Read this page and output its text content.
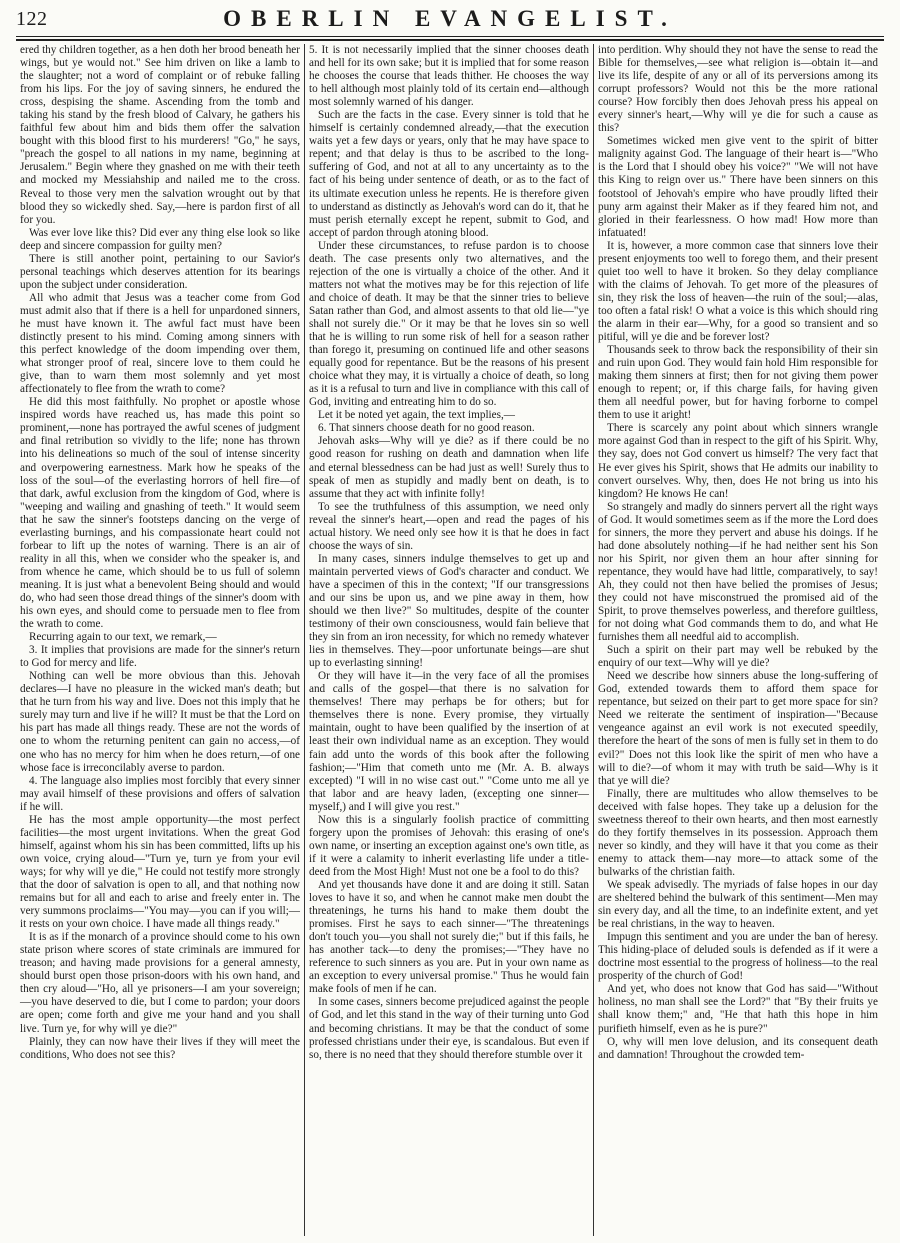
122	OBERLIN EVANGELIST.

ered thy children together, as a hen doth her brood beneath her wings, but ye would not." See him driven on like a lamb to the slaughter; not a word of complaint or of rebuke falling from his lips. For the joy of saving sinners, he endured the cross, despising the shame. Ascending from the tomb and taking his stand by the fresh blood of Calvary, he gathers his faithful few about him and bids them offer the salvation bought with this blood first to his murderers! "Go," he says, "preach the gospel to all nations in my name, beginning at Jerusalem." Begin where they gnashed on me with their teeth and mocked my Messiahship and nailed me to the cross. Reveal to those very men the salvation wrought out by that blood they so wickedly shed. Say,—here is pardon first of all for you.

Was ever love like this? Did ever any thing else look so like deep and sincere compassion for guilty men?

There is still another point, pertaining to our Savior's personal teachings which deserves attention for its bearings upon the subject under consideration.

All who admit that Jesus was a teacher come from God must admit also that if there is a hell for unpardoned sinners, he must have known it. The awful fact must have been distinctly present to his mind. Coming among sinners with this perfect knowledge of the doom impending over them, what stronger proof of real, sincere love to them could he give, than to warn them most solemnly and yet most affectionately to flee from the wrath to come?

He did this most faithfully. No prophet or apostle whose inspired words have reached us, has made this point so prominent,—none has portrayed the awful scenes of judgment and final retribution so vividly to the life; none has thrown into his delineations so much of the soul of intense sincerity and overpowering earnestness. Mark how he speaks of the loss of the soul—of the everlasting horrors of hell fire—of that dark, awful exclusion from the kingdom of God, where is "weeping and wailing and gnashing of teeth." It would seem that he saw the sinner's footsteps dancing on the verge of everlasting burnings, and his compassionate heart could not forbear to lift up the notes of warning. There is an air of reality in all this, when we consider who the speaker is, and from whence he came, which should be to us full of solemn meaning. It is just what a benevolent Being should and would do, who had seen those dread things of the sinner's doom with his own eyes, and should come to persuade men to flee from the wrath to come.

Recurring again to our text, we remark,—

3. It implies that provisions are made for the sinner's return to God for mercy and life.

Nothing can well be more obvious than this. Jehovah declares—I have no pleasure in the wicked man's death; but that he turn from his way and live. Does not this imply that he surely may turn and live if he will? It must be that the Lord on his part has made all things ready. These are not the words of one to whom the returning penitent can gain no access,—of one who has no mercy for him when he does return,—of one whose face is irreconcilably averse to pardon.

4. The language also implies most forcibly that every sinner may avail himself of these provisions and offers of salvation if he will.

He has the most ample opportunity—the most perfect facilities—the most urgent invitations. When the great God himself, against whom his sin has been committed, lifts up his own voice, crying aloud—"Turn ye, turn ye from your evil ways; for why will ye die," He could not testify more strongly that the door of salvation is open to all, and that nothing now remains but for all and each to arise and freely enter in. The very summons proclaims—"You may—you can if you will;—it rests on your own choice. I have made all things ready."

It is as if the monarch of a province should come to his own state prison where scores of state criminals are immured for treason; and having made provisions for a general amnesty, should burst open those prison-doors with his own hand, and then cry aloud—"Ho, all ye prisoners—I am your sovereign;—you have deserved to die, but I come to pardon; your doors are open; come forth and give me your hand and you shall live. Turn ye, for why will ye die?"

Plainly, they can now have their lives if they will meet the conditions, Who does not see this?

5. It is not necessarily implied that the sinner chooses death and hell for its own sake; but it is implied that for some reason he chooses the course that leads thither. He chooses the way to hell although most plainly told of its certain end—although most solemnly warned of his danger.

Such are the facts in the case. Every sinner is told that he himself is certainly condemned already,—that the execution waits yet a few days or years, only that he may have space to repent; and that delay is thus to be ascribed to the long-suffering of God, and not at all to any uncertainty as to the fact of his being under sentence of death, or as to the fact of its ultimate execution unless he repents. He is therefore given to understand as distinctly as Jehovah's word can do it, that he must perish eternally except he repent, submit to God, and accept of pardon through atoning blood.

Under these circumstances, to refuse pardon is to choose death. The case presents only two alternatives, and the rejection of the one is virtually a choice of the other. And it matters not what the motives may be for this rejection of life and choice of death. It may be that the sinner tries to believe Satan rather than God, and almost assents to that old lie—"ye shall not surely die." Or it may be that he loves sin so well that he is willing to run some risk of hell for a season rather than forego it, presuming on continued life and other seasons equally good for repentance. But be the reasons of his present choice what they may, it is virtually a choice of death, so long as it is a refusal to turn and live in compliance with this call of God, inviting and entreating him to do so.

Let it be noted yet again, the text implies,—

6. That sinners choose death for no good reason.

Jehovah asks—Why will ye die? as if there could be no good reason for rushing on death and damnation when life and eternal blessedness can be had just as well! Surely thus to speak of men as stupidly and madly bent on death, is to assume that they act with infinite folly!

To see the truthfulness of this assumption, we need only reveal the sinner's heart,—open and read the pages of his actual history. We need only see how it is that he does in fact choose the ways of sin.

In many cases, sinners indulge themselves to get up and maintain perverted views of God's character and conduct. We have a specimen of this in the context; "If our transgressions and our sins be upon us, and we pine away in them, how should we then live?" So multitudes, despite of the counter testimony of their own consciousness, would fain believe that they sin from an iron necessity, for which no remedy whatever lies in themselves. They—poor unfortunate beings—are shut up to everlasting sinning!

Or they will have it—in the very face of all the promises and calls of the gospel—that there is no salvation for themselves! There may perhaps be for others; but for themselves there is none. Every promise, they virtually maintain, ought to have been qualified by the insertion of at least their own individual name as an exception. They would fain add unto the words of this book after the following fashion;—"Him that cometh unto me (Mr. A. B. always excepted) "I will in no wise cast out." "Come unto me all ye that labor and are heavy laden, (excepting one sinner—myself,) and I will give you rest."

Now this is a singularly foolish practice of committing forgery upon the promises of Jehovah: this erasing of one's own name, or inserting an exception against one's own title, as if it were a calamity to inherit everlasting life under a title-deed from the Most High! Must not one be a fool to do this?

And yet thousands have done it and are doing it still. Satan loves to have it so, and when he cannot make men doubt the threatenings, he turns his hand to make them doubt the promises. First he says to each sinner—"The threatenings don't touch you—you shall not surely die;" but if this fails, he has another tack—to deny the promises;—"They have no reference to such sinners as you are. Put in your own name as an exception to every universal promise." Thus he would fain make fools of men if he can.

In some cases, sinners become prejudiced against the people of God, and let this stand in the way of their turning unto God and becoming christians. It may be that the conduct of some professed christians under their eye, is scandalous. But even if so, there is no need that they should therefore stumble over it

into perdition. Why should they not have the sense to read the Bible for themselves,—see what religion is—obtain it—and live its life, despite of any or all of its perversions among its corrupt professors? Would not this be the more rational course? How forcibly then does Jehovah press his appeal on every sinner's heart,—Why will ye die for such a cause as this?

Sometimes wicked men give vent to the spirit of bitter malignity against God. The language of their heart is—"Who is the Lord that I should obey his voice?" "We will not have this King to reign over us." There have been sinners on this footstool of Jehovah's empire who have proudly lifted their puny arm against their Maker as if they feared him not, and gloried in their fearlessness. O how mad! How more than infatuated!

It is, however, a more common case that sinners love their present enjoyments too well to forego them, and their present quiet too well to have it broken. So they delay compliance with the claims of Jehovah. To get more of the pleasures of sin, they risk the loss of heaven—the ruin of the soul;—alas, too often a fatal risk! O what a voice is this which should ring the alarm in their ear—Why, for a good so transient and so pitiful, will ye die and be forever lost?

Thousands seek to throw back the responsibility of their sin and ruin upon God. They would fain hold Him responsible for making them sinners at first; then for not giving them power enough to repent; or, if this charge fails, for having given them all needful power, but for having forborne to compel them to use it aright!

There is scarcely any point about which sinners wrangle more against God than in respect to the gift of his Spirit. Why, they say, does not God convert us himself? The very fact that He ever gives his Spirit, shows that He admits our inability to convert ourselves. Why, then, does He not bring us into his kingdom? He knows He can!

So strangely and madly do sinners pervert all the right ways of God. It would sometimes seem as if the more the Lord does for sinners, the more they pervert and abuse his doings. If he had done absolutely nothing—if he had neither sent his Son nor his Spirit, nor given them an hour after sinning for repentance, they would have had little, comparatively, to say! Ah, they could not then have belied the promises of Jesus; they could not have misconstrued the promised aid of the Spirit, to prove themselves powerless, and therefore guiltless, for not doing what God commands them to do, and what He furnishes them all needful aid to accomplish.

Such a spirit on their part may well be rebuked by the enquiry of our text—Why will ye die?

Need we describe how sinners abuse the long-suffering of God, extended towards them to afford them space for repentance, but seized on their part to get more space for sin? Need we reiterate the sentiment of inspiration—"Because vengeance against an evil work is not executed speedily, therefore the heart of the sons of men is fully set in them to do evil?" Does not this look like the spirit of men who have a will to die?—of whom it may with truth be said—Why is it that ye will die?

Finally, there are multitudes who allow themselves to be deceived with false hopes. They take up a delusion for the sweetness thereof to their own hearts, and then most earnestly do they fortify themselves in its possession. Approach them never so kindly, and they will have it that you come as their enemy to attack them—nay more—to attack some of the bulwarks of the christian faith.

We speak advisedly. The myriads of false hopes in our day are sheltered behind the bulwark of this sentiment—Men may sin every day, and all the time, to an indefinite extent, and yet be real christians, in the way to heaven.

Impugn this sentiment and you are under the ban of heresy. This hiding-place of deluded souls is defended as if it were a doctrine most essential to the progress of holiness—to the real prosperity of the church of God!

And yet, who does not know that God has said—"Without holiness, no man shall see the Lord?" that "By their fruits ye shall know them;" and, "He that hath this hope in him purifieth himself, even as he is pure?"

O, why will men love delusion, and its consequent death and damnation! Throughout the crowded tem-
